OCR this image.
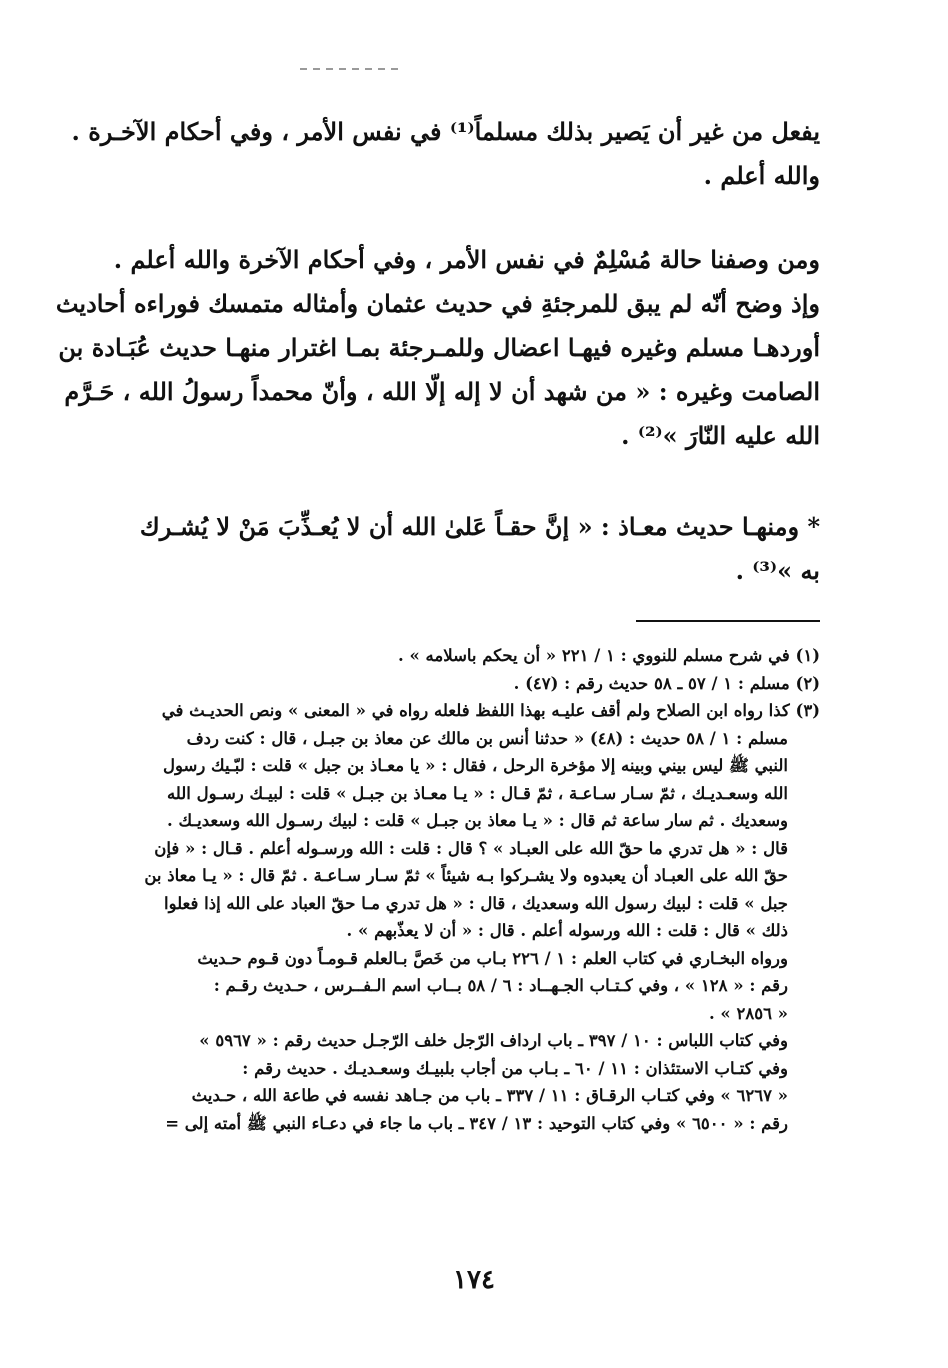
يفعل من غير أن يَصير بذلك مسلماً⁽¹⁾ في نفس الأمر ، وفي أحكام الآخـرة .
والله أعلم .
ومن وصفنا حالة مُسْلِمٌ في نفس الأمر ، وفي أحكام الآخرة والله أعلم .
وإذ وضح أنّه لم يبق للمرجئةِ في حديث عثمان وأمثاله متمسك فوراءه أحاديث
أوردهـا مسلم وغيره فيهـا اعضال وللمـرجئة بمـا اغترار منهـا حديث عُبَـادة بن
الصامت وغيره : « من شهد أن لا إله إلّا الله ، وأنّ محمداً رسولُ الله ، حَـرَّم
الله عليه النّارَ »⁽²⁾ .
* ومنهـا حديث معـاذ : « إنَّ حقـاً عَلىٰ الله أن لا يُعـذِّبَ مَنْ لا يُشـرك
به »⁽³⁾ .
(١) في شرح مسلم للنووي : ١ / ٢٢١ « أن يحكم باسلامه » .
(٢) مسلم : ١ / ٥٧ ـ ٥٨ حديث رقم : (٤٧) .
(٣) كذا رواه ابن الصلاح ولم أقف عليـه بهذا اللفظ فلعله رواه في « المعنى » ونص الحديـث في
مسلم : ١ / ٥٨ حديث : (٤٨) « حدثنا أنس بن مالك عن معاذ بن جبـل ، قال : كنت ردف
النبي ﷺ ليس بيني وبينه إلا مؤخرة الرحل ، فقال : « يا معـاذ بن جبل » قلت : لبّـيك رسول
الله وسعـديـك ، ثمّ سـار سـاعـة ، ثمّ قـال : « يـا معـاذ بن جبـل » قلت : لبيـك رسـول الله
وسعديك . ثم سار ساعة ثم قال : « يـا معاذ بن جبـل » قلت : لبيك رسـول الله وسعديـك .
قال : « هل تدري ما حقّ الله على العبـاد » ؟ قال : قلت : الله ورسـوله أعلم . قـال : « فإن
حقّ الله على العبـاد أن يعبدوه ولا يشـركوا بـه شيئاً » ثمّ سـار سـاعـة . ثمّ قال : « يـا معاذ بن
جبل » قلت : لبيك رسول الله وسعديك ، قال : « هل تدري مـا حقّ العباد على الله إذا فعلوا
ذلك » قال : قلت : الله ورسوله أعلم . قال : « أن لا يعذّبهم » .
ورواه البخـاري في كتاب العلم : ١ / ٢٢٦ بـاب من خَصَّ بـالعلم قـومـاً دون قـوم حـديث
رقم : « ١٢٨ » ، وفي كـتـاب الجـهــاد : ٦ / ٥٨ بــاب اسم الـفــرس ، حـديث رقـم :
« ٢٨٥٦ » .
وفي كتاب اللباس : ١٠ / ٣٩٧ ـ باب ارداف الرّجل خلف الرّجـل حديث رقم : « ٥٩٦٧ »
وفي كتـاب الاستئذان : ١١ / ٦٠ ـ بـاب من أجاب بلبيـك وسعـديـك . حديث رقم :
« ٦٢٦٧ » وفي كتـاب الرقـاق : ١١ / ٣٣٧ ـ باب من جـاهد نفسه في طاعة الله ، حـديث
رقم : « ٦٥٠٠ » وفي كتاب التوحيد : ١٣ / ٣٤٧ ـ باب ما جاء في دعـاء النبي ﷺ أمته إلى =
١٧٤
